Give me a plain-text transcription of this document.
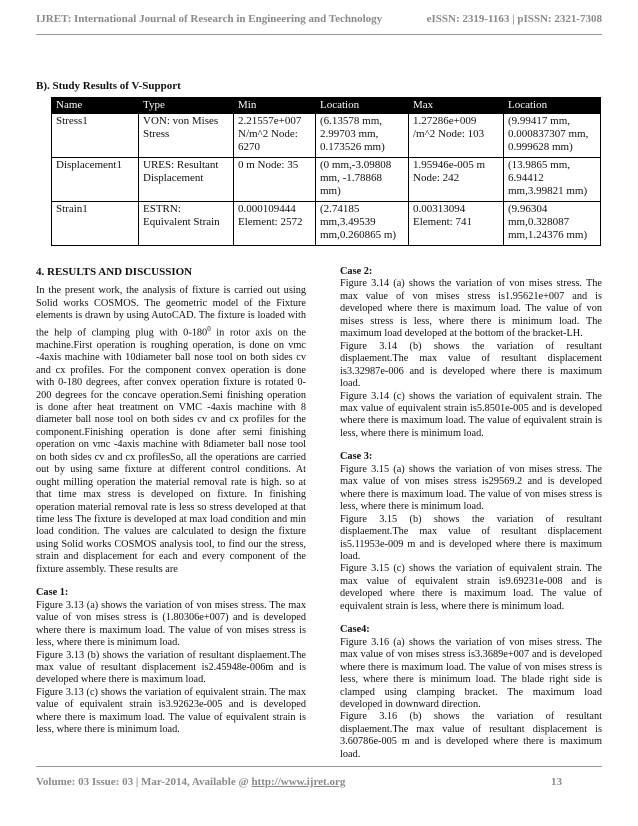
IJRET: International Journal of Research in Engineering and Technology	eISSN: 2319-1163 | pISSN: 2321-7308
B). Study Results of V-Support
Name	Type	Min	Location	Max	Location
Stress1	VON: von Mises Stress	2.21557e+007 N/m^2 Node: 6270	(6.13578 mm, 2.99703 mm, 0.173526 mm)	1.27286e+009 /m^2 Node: 103	(9.99417 mm, 0.000837307 mm, 0.999628 mm)
Displacement1	URES: Resultant Displacement	0 m Node: 35	(0 mm,-3.09808 mm, -1.78868 mm)	1.95946e-005 m Node: 242	(13.9865 mm, 6.94412 mm,3.99821 mm)
Strain1	ESTRN: Equivalent Strain	0.000109444 Element: 2572	(2.74185 mm,3.49539 mm,0.260865 m)	0.00313094 Element: 741	(9.96304 mm,0.328087 mm,1.24376 mm)

4. RESULTS AND DISCUSSION

In the present work, the analysis of fixture is carried out using Solid works COSMOS. The geometric model of the Fixture elements is drawn by using AutoCAD. The fixture is loaded with the help of clamping plug with $0-180^0$ in rotor axis on the machine.First operation is roughing operation, is done on vmc -4axis machine with 10diameter ball nose tool on both sides cv and cx profiles. For the component convex operation is done with 0-180 degrees, after convex operation fixture is rotated 0-200 degrees for the concave operation.Semi finishing operation is done after heat treatment on VMC -4axis machine with 8 diameter ball nose tool on both sides cv and cx profiles for the component.Finishing operation is done after semi finishing operation on vmc -4axis machine with 8diameter ball nose tool on both sides cv and cx profilesSo, all the operations are carried out by using same fixture at different control conditions. At ought milling operation the material removal rate is high. so at that time max stress is developed on fixture. In finishing operation material removal rate is less so stress developed at that time less The fixture is developed at max load condition and min load condition. The values are calculated to design the fixture using Solid works COSMOS analysis tool, to find our the stress, strain and displacement for each and every component of the fixture assembly. These results are

Case 1:

Figure 3.13 (a) shows the variation of von mises stress. The max value of von mises stress is (1.80306e+007) and is developed where there is maximum load. The value of von mises stress is less, where there is minimum load.

Figure 3.13 (b) shows the variation of resultant displaement.The max value of resultant displacement is2.45948e-006m and is developed where there is maximum load.

Figure 3.13 (c) shows the variation of equivalent strain. The max value of equivalent strain is3.92623e-005 and is developed where there is maximum load. The value of equivalent strain is less, where there is minimum load.

Case 2:

Figure 3.14 (a) shows the variation of von mises stress. The max value of von mises stress is1.95621e+007 and is developed where there is maximum load. The value of von mises stress is less, where there is minimum load. The maximum load developed at the bottom of the bracket-LH.

Figure 3.14 (b) shows the variation of resultant displaement.The max value of resultant displacement is3.32987e-006 and is developed where there is maximum load.

Figure 3.14 (c) shows the variation of equivalent strain. The max value of equivalent strain is5.8501e-005 and is developed where there is maximum load. The value of equivalent strain is less, where there is minimum load.

Case 3:

Figure 3.15 (a) shows the variation of von mises stress. The max value of von mises stress is29569.2 and is developed where there is maximum load. The value of von mises stress is less, where there is minimum load.

Figure 3.15 (b) shows the variation of resultant displaement.The max value of resultant displacement is5.11953e-009 m and is developed where there is maximum load.

Figure 3.15 (c) shows the variation of equivalent strain. The max value of equivalent strain is9.69231e-008 and is developed where there is maximum load. The value of equivalent strain is less, where there is minimum load.

Case4:

Figure 3.16 (a) shows the variation of von mises stress. The max value of von mises stress is3.3689e+007 and is developed where there is maximum load. The value of von mises stress is less, where there is minimum load. The blade right side is clamped using clamping bracket. The maximum load developed in downward direction.

Figure 3.16 (b) shows the variation of resultant displaement.The max value of resultant displacement is 3.60786e-005 m and is developed where there is maximum load.

Volume: 03 Issue: 03 | Mar-2014, Available @ http://www.ijret.org	13
